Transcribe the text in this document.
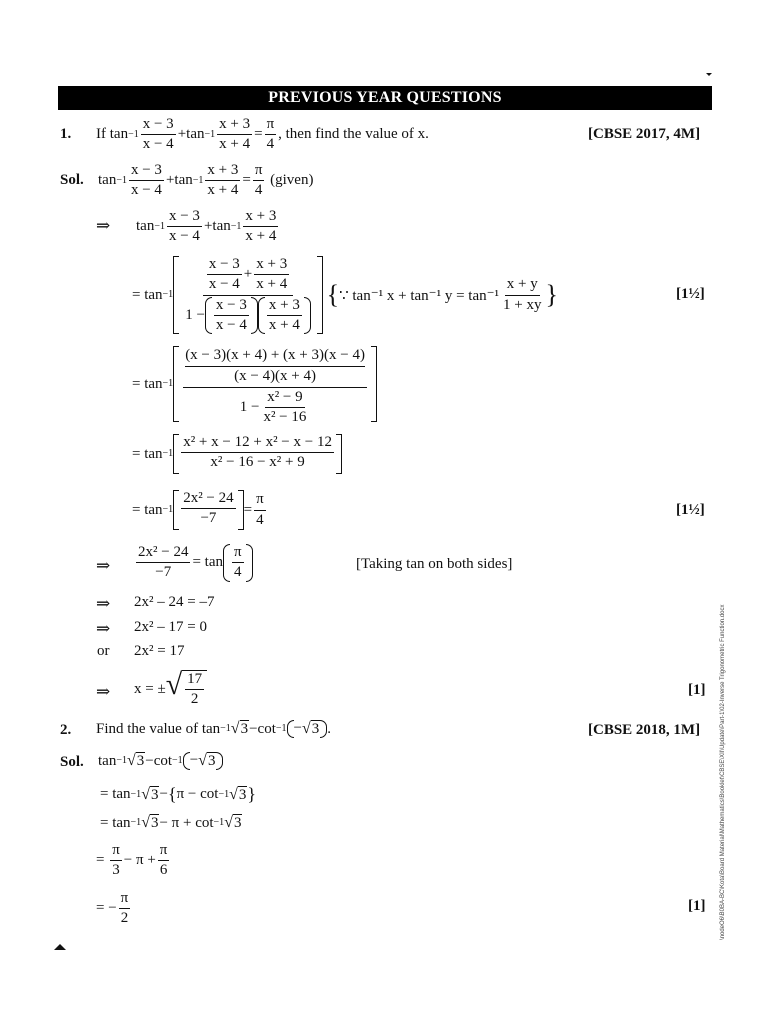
PREVIOUS YEAR QUESTIONS
1. If
$\tan -1 \frac{x - 3}{x - 4} + \tan -1 \frac{x + 3}{x + 4} = \frac{\pi}{4}$ , then find the value of x.	[CBSE 2017, 4M]
Sol. $\tan -1 \frac{x - 3}{x - 4} + \tan -1 \frac{x + 3}{x + 4} = \frac{\pi}{4}$
(given)
⇒ $\tan -1 \frac{x - 3}{x - 4} + \tan -1 \frac{x + 3}{x + 4}$
=
$\tan -1 \frac{\frac{x - 3}{x - 4} + \frac{x + 3}{x + 4}}{1 - \frac{x - 3}{x - 4} \frac{x + 3}{x + 4}}$
{ ∵
tan⁻¹ x + tan⁻¹ $y = \tan^{-1} \frac{x + y}{1 + xy}$ }	[1½]
=
tan −1
(x − 3)(x + 4) + (x + 3)(x − 4)

(x − 4)(x + 4)
$1 - \frac{\text{x² − 9}}{\text{x² − 16}}$
=
$\tan -1 \frac{\text{x² + x − 12 + x² − x − 12}}{\text{x² − 16 − x² + 9}}$
=
$\tan -1 \frac{\text{2x² − 24}}{-7} = \frac{\pi}{4}$	[1½]
⇒ $\frac{\text{2x² − 24}}{-7} = \tan \frac{\pi}{4}$	[Taking tan on both sides]
⇒ 2x² – 24 = –7
⇒ 2x² – 17 = 0
or 2x² = 17
⇒ x = ± √ $\frac{17}{2}$	[1]
2. Find the value of
tan −1 √ 3 − cot −1 − √ 3 .	[CBSE 2018, 1M]
Sol. tan −1 √ 3 − cot −1 − √ 3
=
tan −1 √ 3 − { π − cot −1 √ 3 }
=
tan −1 √ 3 − π + cot −1 √ 3
=
$\frac{\pi}{3} - \pi + \frac{\pi}{6}$
= − $\frac{\pi}{2}$	[1] \nodeO6\B0BA-BC\Kota\Board Material\Mathematics\Booklet\CBSE\XII\Update\Part-1\02-Inverse Trigonometric Function.docx
